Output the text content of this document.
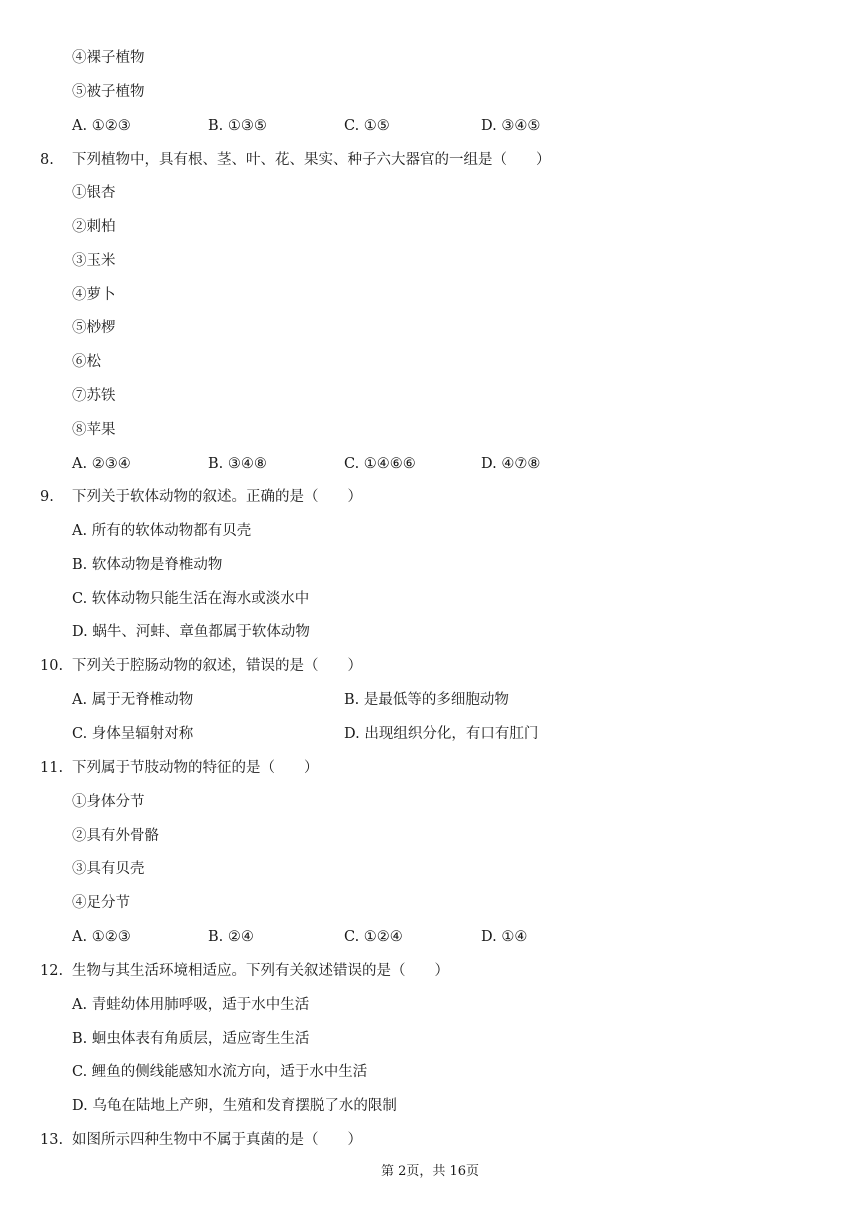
④裸子植物
⑤被子植物
A. ①②③	B. ①③⑤	C. ①⑤	D. ③④⑤
8. 下列植物中，具有根、茎、叶、花、果实、种子六大器官的一组是（　　）
①银杏
②刺柏
③玉米
④萝卜
⑤桫椤
⑥松
⑦苏铁
⑧苹果
A. ②③④	B. ③④⑧	C. ①④⑥⑥	D. ④⑦⑧
9. 下列关于软体动物的叙述。正确的是（　　）
A. 所有的软体动物都有贝壳
B. 软体动物是脊椎动物
C. 软体动物只能生活在海水或淡水中
D. 蜗牛、河蚌、章鱼都属于软体动物
10. 下列关于腔肠动物的叙述，错误的是（　　）
A. 属于无脊椎动物	B. 是最低等的多细胞动物
C. 身体呈辐射对称	D. 出现组织分化，有口有肛门
11. 下列属于节肢动物的特征的是（　　）
①身体分节
②具有外骨骼
③具有贝壳
④足分节
A. ①②③	B. ②④	C. ①②④	D. ①④
12. 生物与其生活环境相适应。下列有关叙述错误的是（　　）
A. 青蛙幼体用肺呼吸，适于水中生活
B. 蛔虫体表有角质层，适应寄生生活
C. 鲤鱼的侧线能感知水流方向，适于水中生活
D. 乌龟在陆地上产卵，生殖和发育摆脱了水的限制
13. 如图所示四种生物中不属于真菌的是（　　）
第 2页，共 16页
